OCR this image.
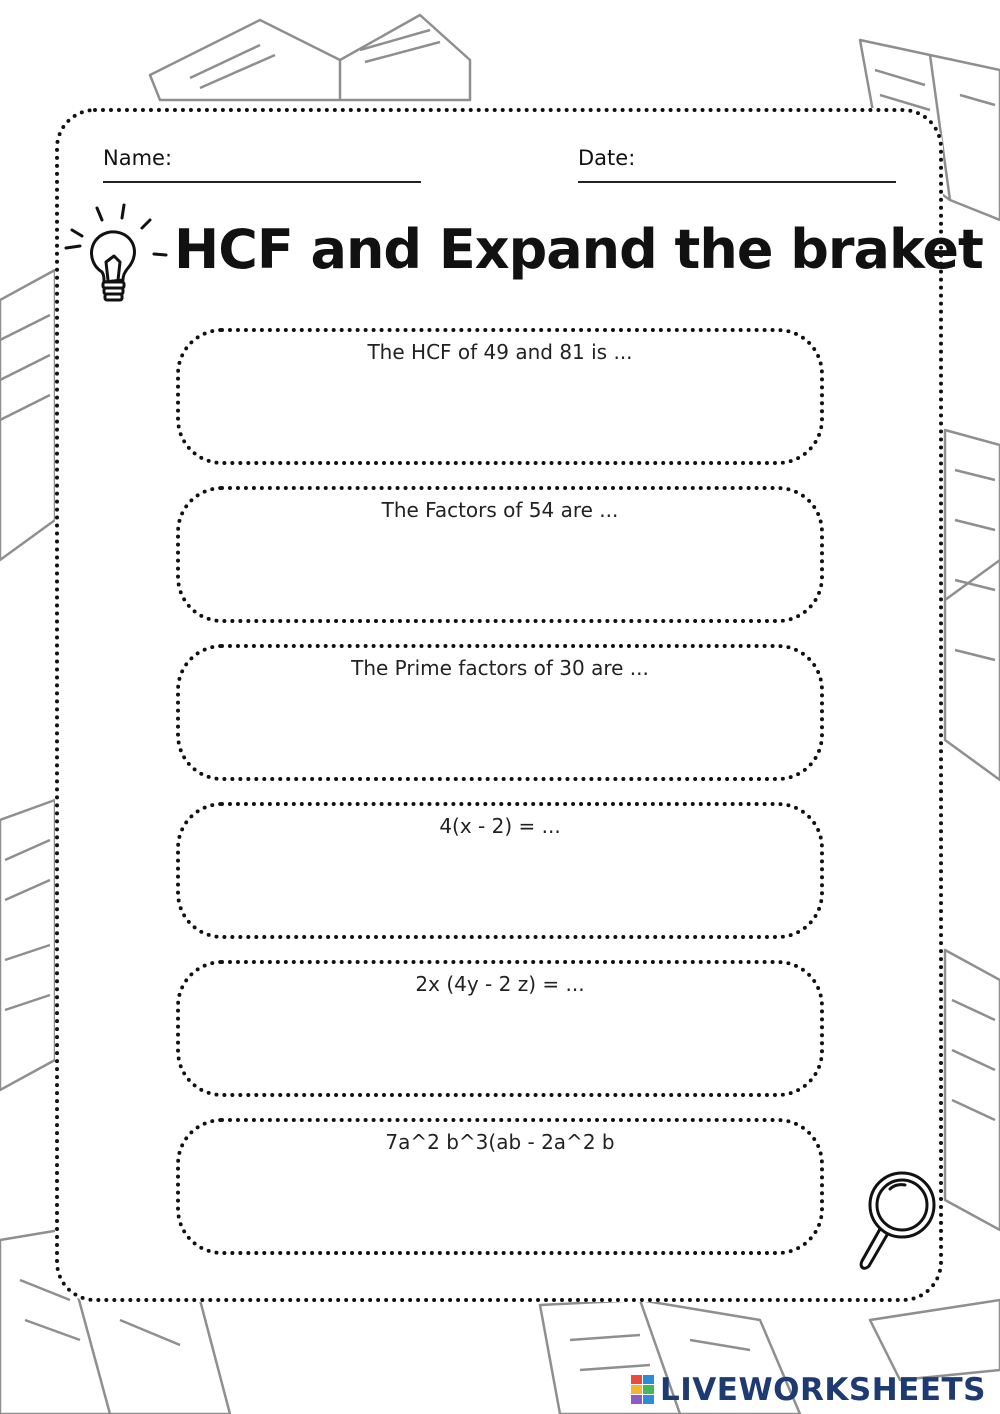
Name:	Date:
HCF and Expand the braket
The HCF of 49 and 81 is ...
The Factors of 54 are ...
The Prime factors of 30 are ...
4(x - 2) = ...
2x (4y - 2 z) = ...
7a^2 b^3(ab - 2a^2 b
LIVEWORKSHEETS
